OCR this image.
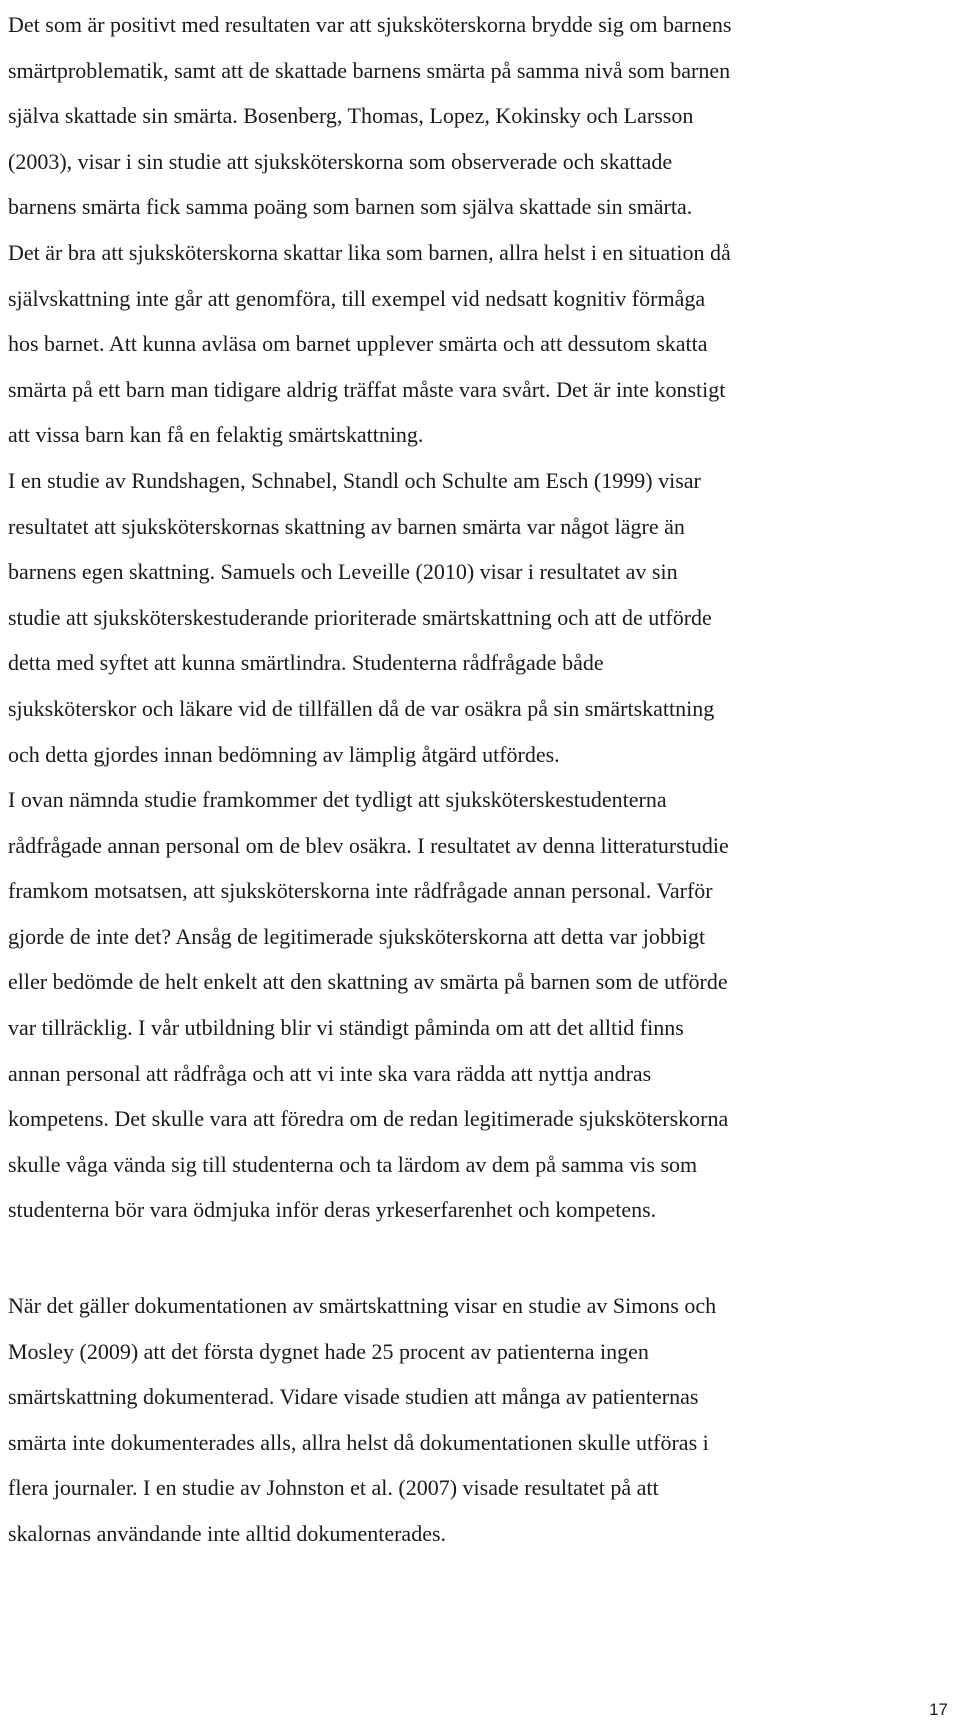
Det som är positivt med resultaten var att sjuksköterskorna brydde sig om barnens
smärtproblematik, samt att de skattade barnens smärta på samma nivå som barnen
själva skattade sin smärta. Bosenberg, Thomas, Lopez, Kokinsky och Larsson
(2003), visar i sin studie att sjuksköterskorna som observerade och skattade
barnens smärta fick samma poäng som barnen som själva skattade sin smärta.
Det är bra att sjuksköterskorna skattar lika som barnen, allra helst i en situation då
självskattning inte går att genomföra, till exempel vid nedsatt kognitiv förmåga
hos barnet. Att kunna avläsa om barnet upplever smärta och att dessutom skatta
smärta på ett barn man tidigare aldrig träffat måste vara svårt. Det är inte konstigt
att vissa barn kan få en felaktig smärtskattning.
I en studie av Rundshagen, Schnabel, Standl och Schulte am Esch (1999) visar
resultatet att sjuksköterskornas skattning av barnen smärta var något lägre än
barnens egen skattning. Samuels och Leveille (2010) visar i resultatet av sin
studie att sjuksköterskestuderande prioriterade smärtskattning och att de utförde
detta med syftet att kunna smärtlindra. Studenterna rådfrågade både
sjuksköterskor och läkare vid de tillfällen då de var osäkra på sin smärtskattning
och detta gjordes innan bedömning av lämplig åtgärd utfördes.
I ovan nämnda studie framkommer det tydligt att sjuksköterskestudenterna
rådfrågade annan personal om de blev osäkra. I resultatet av denna litteraturstudie
framkom motsatsen, att sjuksköterskorna inte rådfrågade annan personal. Varför
gjorde de inte det? Ansåg de legitimerade sjuksköterskorna att detta var jobbigt
eller bedömde de helt enkelt att den skattning av smärta på barnen som de utförde
var tillräcklig. I vår utbildning blir vi ständigt påminda om att det alltid finns
annan personal att rådfråga och att vi inte ska vara rädda att nyttja andras
kompetens. Det skulle vara att föredra om de redan legitimerade sjuksköterskorna
skulle våga vända sig till studenterna och ta lärdom av dem på samma vis som
studenterna bör vara ödmjuka inför deras yrkeserfarenhet och kompetens.
När det gäller dokumentationen av smärtskattning visar en studie av Simons och
Mosley (2009) att det första dygnet hade 25 procent av patienterna ingen
smärtskattning dokumenterad. Vidare visade studien att många av patienternas
smärta inte dokumenterades alls, allra helst då dokumentationen skulle utföras i
flera journaler. I en studie av Johnston et al. (2007) visade resultatet på att
skalornas användande inte alltid dokumenterades.
17
